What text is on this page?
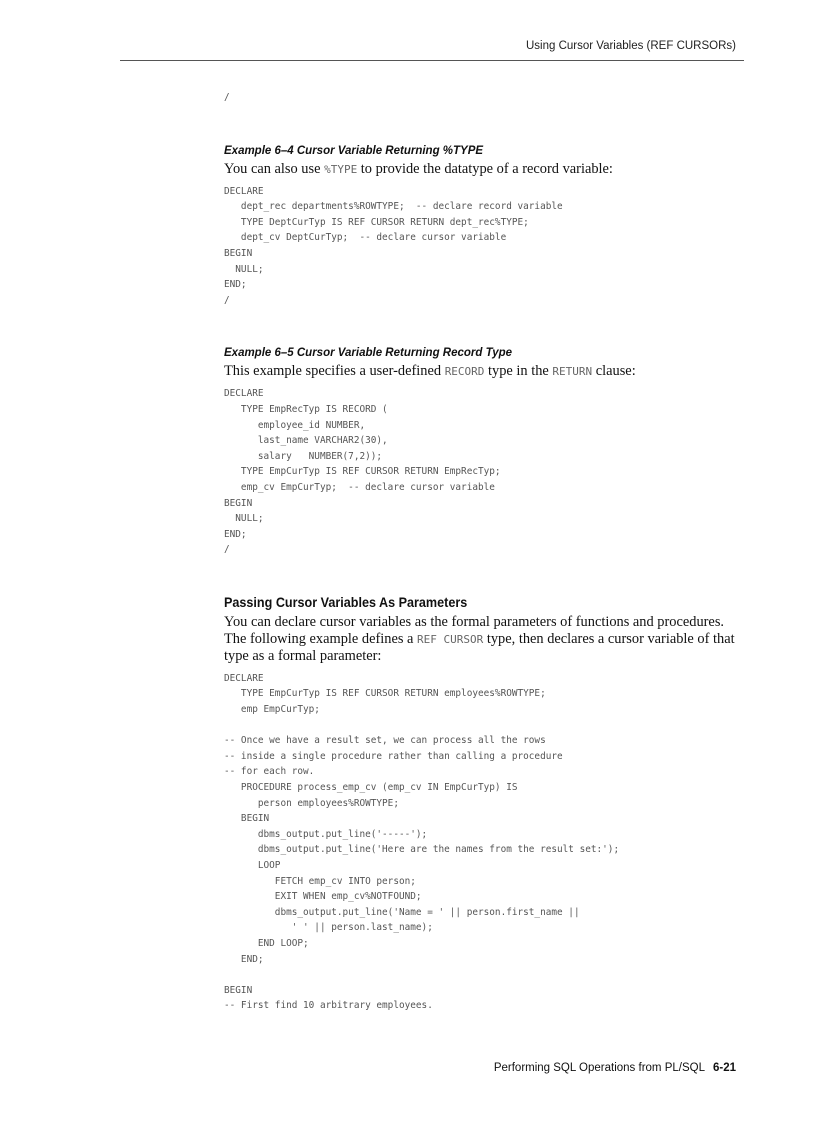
Using Cursor Variables (REF CURSORs)
/

Example 6–4 Cursor Variable Returning %TYPE

You can also use %TYPE to provide the datatype of a record variable:

DECLARE
dept_rec departments%ROWTYPE;  -- declare record variable
TYPE DeptCurTyp IS REF CURSOR RETURN dept_rec%TYPE;
dept_cv DeptCurTyp;  -- declare cursor variable
BEGIN
NULL;
END;
/

Example 6–5 Cursor Variable Returning Record Type

This example specifies a user-defined RECORD type in the RETURN clause:

DECLARE
TYPE EmpRecTyp IS RECORD (
employee_id NUMBER,
last_name VARCHAR2(30),
salary   NUMBER(7,2));
TYPE EmpCurTyp IS REF CURSOR RETURN EmpRecTyp;
emp_cv EmpCurTyp;  -- declare cursor variable
BEGIN
NULL;
END;
/

Passing Cursor Variables As Parameters

You can declare cursor variables as the formal parameters of functions and procedures. The following example defines a REF CURSOR type, then declares a cursor variable of that type as a formal parameter:

DECLARE
TYPE EmpCurTyp IS REF CURSOR RETURN employees%ROWTYPE;
emp EmpCurTyp;

-- Once we have a result set, we can process all the rows
-- inside a single procedure rather than calling a procedure
-- for each row.
PROCEDURE process_emp_cv (emp_cv IN EmpCurTyp) IS
person employees%ROWTYPE;
BEGIN
dbms_output.put_line('-----');
dbms_output.put_line('Here are the names from the result set:');
LOOP
FETCH emp_cv INTO person;
EXIT WHEN emp_cv%NOTFOUND;
dbms_output.put_line('Name = ' || person.first_name ||
' ' || person.last_name);
END LOOP;
END;

BEGIN
-- First find 10 arbitrary employees.
Performing SQL Operations from PL/SQL 6-21
